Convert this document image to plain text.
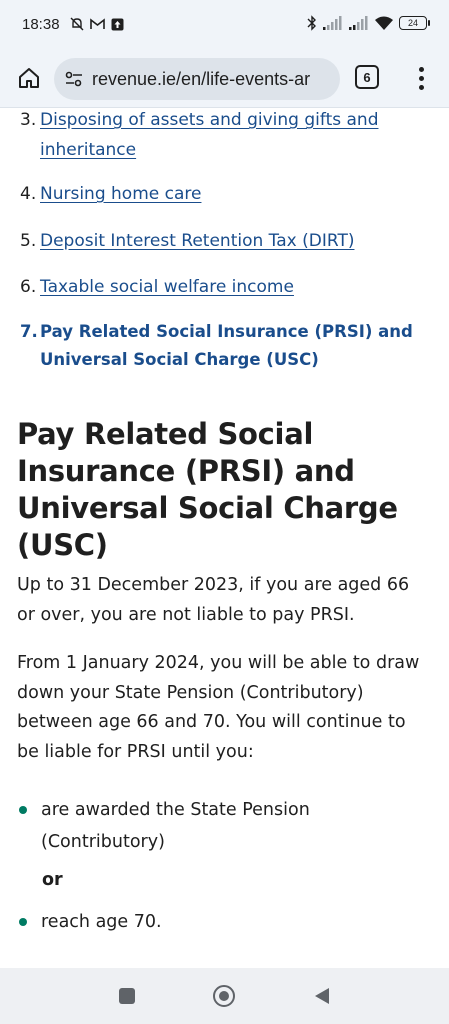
18:38	24
revenue.ie/en/life-events-ar	6
3. Disposing of assets and giving gifts and
inheritance
4. Nursing home care
5. Deposit Interest Retention Tax (DIRT)
6. Taxable social welfare income
7. Pay Related Social Insurance (PRSI) and
Universal Social Charge (USC)
Pay Related Social
Insurance (PRSI) and
Universal Social Charge
(USC)
Up to 31 December 2023, if you are aged 66
or over, you are not liable to pay PRSI.
From 1 January 2024, you will be able to draw
down your State Pension (Contributory)
between age 66 and 70. You will continue to
be liable for PRSI until you:
are awarded the State Pension
(Contributory)
or
reach age 70.
